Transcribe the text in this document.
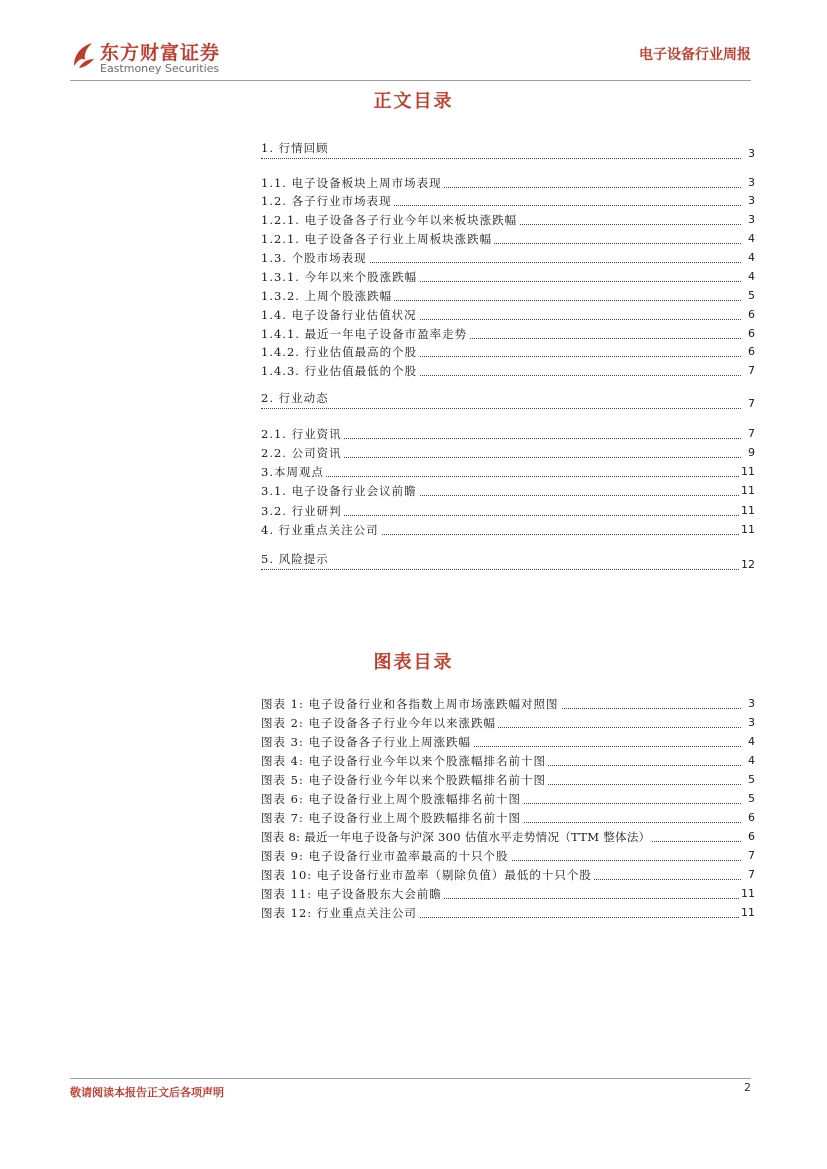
东方财富证券
Eastmoney Securities
电子设备行业周报
正文目录
1. 行情回顾	3
1.1. 电子设备板块上周市场表现	3
1.2. 各子行业市场表现	3
1.2.1. 电子设备各子行业今年以来板块涨跌幅	3
1.2.1. 电子设备各子行业上周板块涨跌幅	4
1.3. 个股市场表现	4
1.3.1. 今年以来个股涨跌幅	4
1.3.2. 上周个股涨跌幅	5
1.4. 电子设备行业估值状况	6
1.4.1. 最近一年电子设备市盈率走势	6
1.4.2. 行业估值最高的个股	6
1.4.3. 行业估值最低的个股	7
2. 行业动态	7
2.1. 行业资讯	7
2.2. 公司资讯	9
3.本周观点	11
3.1. 电子设备行业会议前瞻	11
3.2. 行业研判	11
4. 行业重点关注公司	11
5. 风险提示	12
图表目录
图表 1: 电子设备行业和各指数上周市场涨跌幅对照图	3
图表 2: 电子设备各子行业今年以来涨跌幅	3
图表 3: 电子设备各子行业上周涨跌幅	4
图表 4: 电子设备行业今年以来个股涨幅排名前十图	4
图表 5: 电子设备行业今年以来个股跌幅排名前十图	5
图表 6: 电子设备行业上周个股涨幅排名前十图	5
图表 7: 电子设备行业上周个股跌幅排名前十图	6
图表 8: 最近一年电子设备与沪深 300 估值水平走势情况（TTM 整体法）	6
图表 9: 电子设备行业市盈率最高的十只个股	7
图表 10: 电子设备行业市盈率（剔除负值）最低的十只个股	7
图表 11: 电子设备股东大会前瞻	11
图表 12: 行业重点关注公司	11
敬请阅读本报告正文后各项声明	2
